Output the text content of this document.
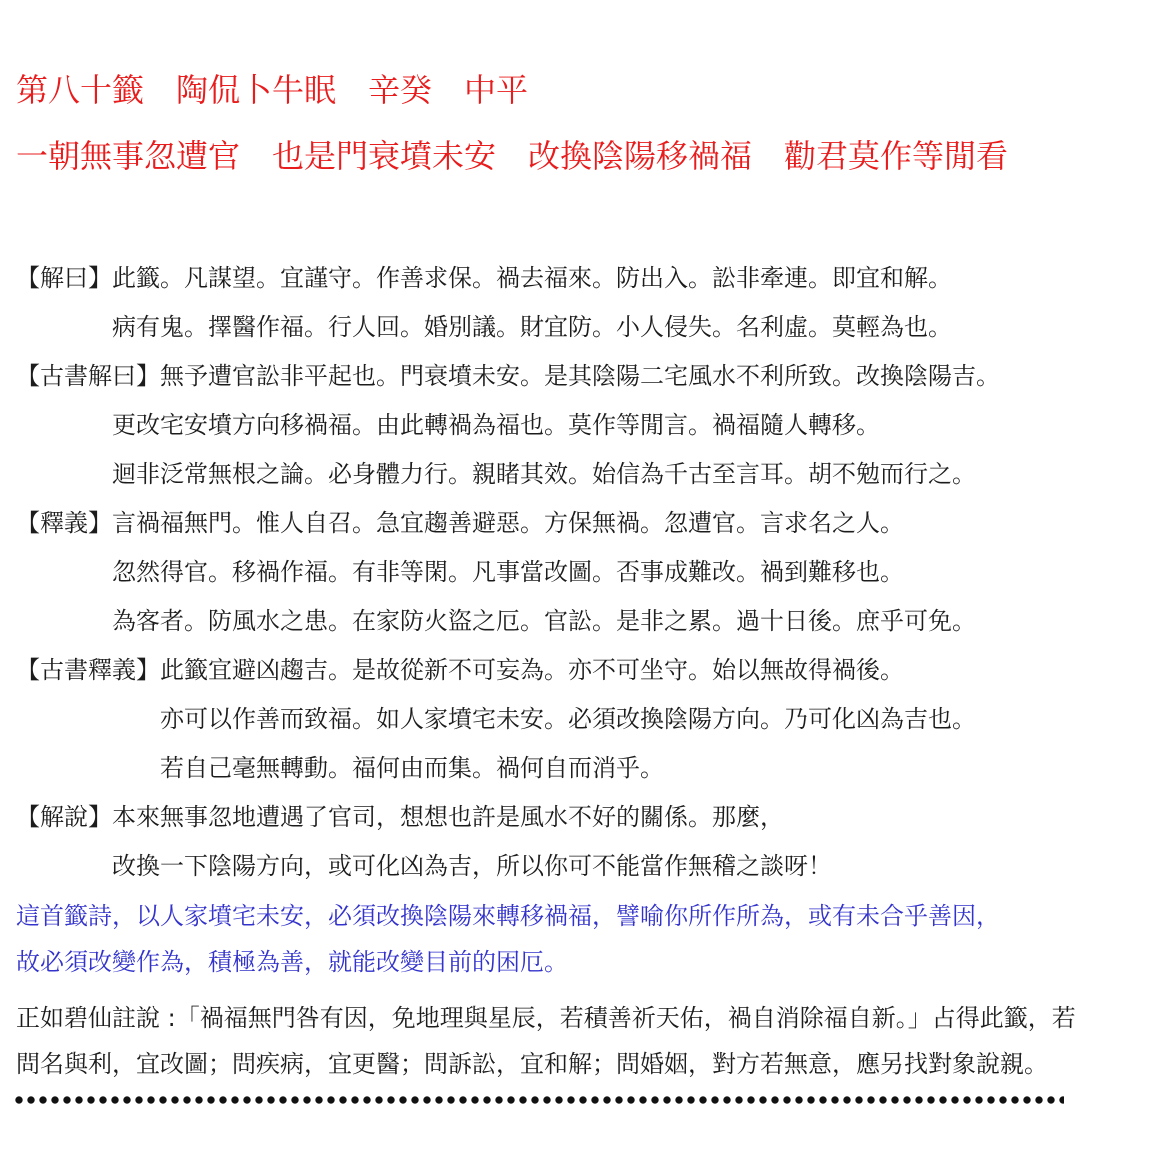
第八十籤　陶侃卜牛眠　辛癸　中平
一朝無事忽遭官　也是門衰墳未安　改換陰陽移禍福　勸君莫作等閒看
【解曰】此籤。凡謀望。宜謹守。作善求保。禍去福來。防出入。訟非牽連。即宜和解。
病有鬼。擇醫作福。行人回。婚別議。財宜防。小人侵失。名利虛。莫輕為也。
【古書解曰】無予遭官訟非平起也。門衰墳未安。是其陰陽二宅風水不利所致。改換陰陽吉。
更改宅安墳方向移禍福。由此轉禍為福也。莫作等閒言。禍福隨人轉移。
迴非泛常無根之論。必身體力行。親睹其效。始信為千古至言耳。胡不勉而行之。
【釋義】言禍福無門。惟人自召。急宜趨善避惡。方保無禍。忽遭官。言求名之人。
忽然得官。移禍作福。有非等閑。凡事當改圖。否事成難改。禍到難移也。
為客者。防風水之患。在家防火盜之厄。官訟。是非之累。過十日後。庶乎可免。
【古書釋義】此籤宜避凶趨吉。是故從新不可妄為。亦不可坐守。始以無故得禍後。
亦可以作善而致福。如人家墳宅未安。必須改換陰陽方向。乃可化凶為吉也。
若自己毫無轉動。福何由而集。禍何自而消乎。
【解說】本來無事忽地遭遇了官司，想想也許是風水不好的關係。那麼，
改換一下陰陽方向，或可化凶為吉，所以你可不能當作無稽之談呀！
這首籤詩，以人家墳宅未安，必須改換陰陽來轉移禍福，譬喻你所作所為，或有未合乎善因，
故必須改變作為，積極為善，就能改變目前的困厄。
正如碧仙註說 :「禍福無門咎有因，免地理與星辰，若積善祈天佑，禍自消除福自新。」占得此籤，若
問名與利，宜改圖；問疾病，宜更醫；問訴訟，宜和解；問婚姻，對方若無意，應另找對象說親。
